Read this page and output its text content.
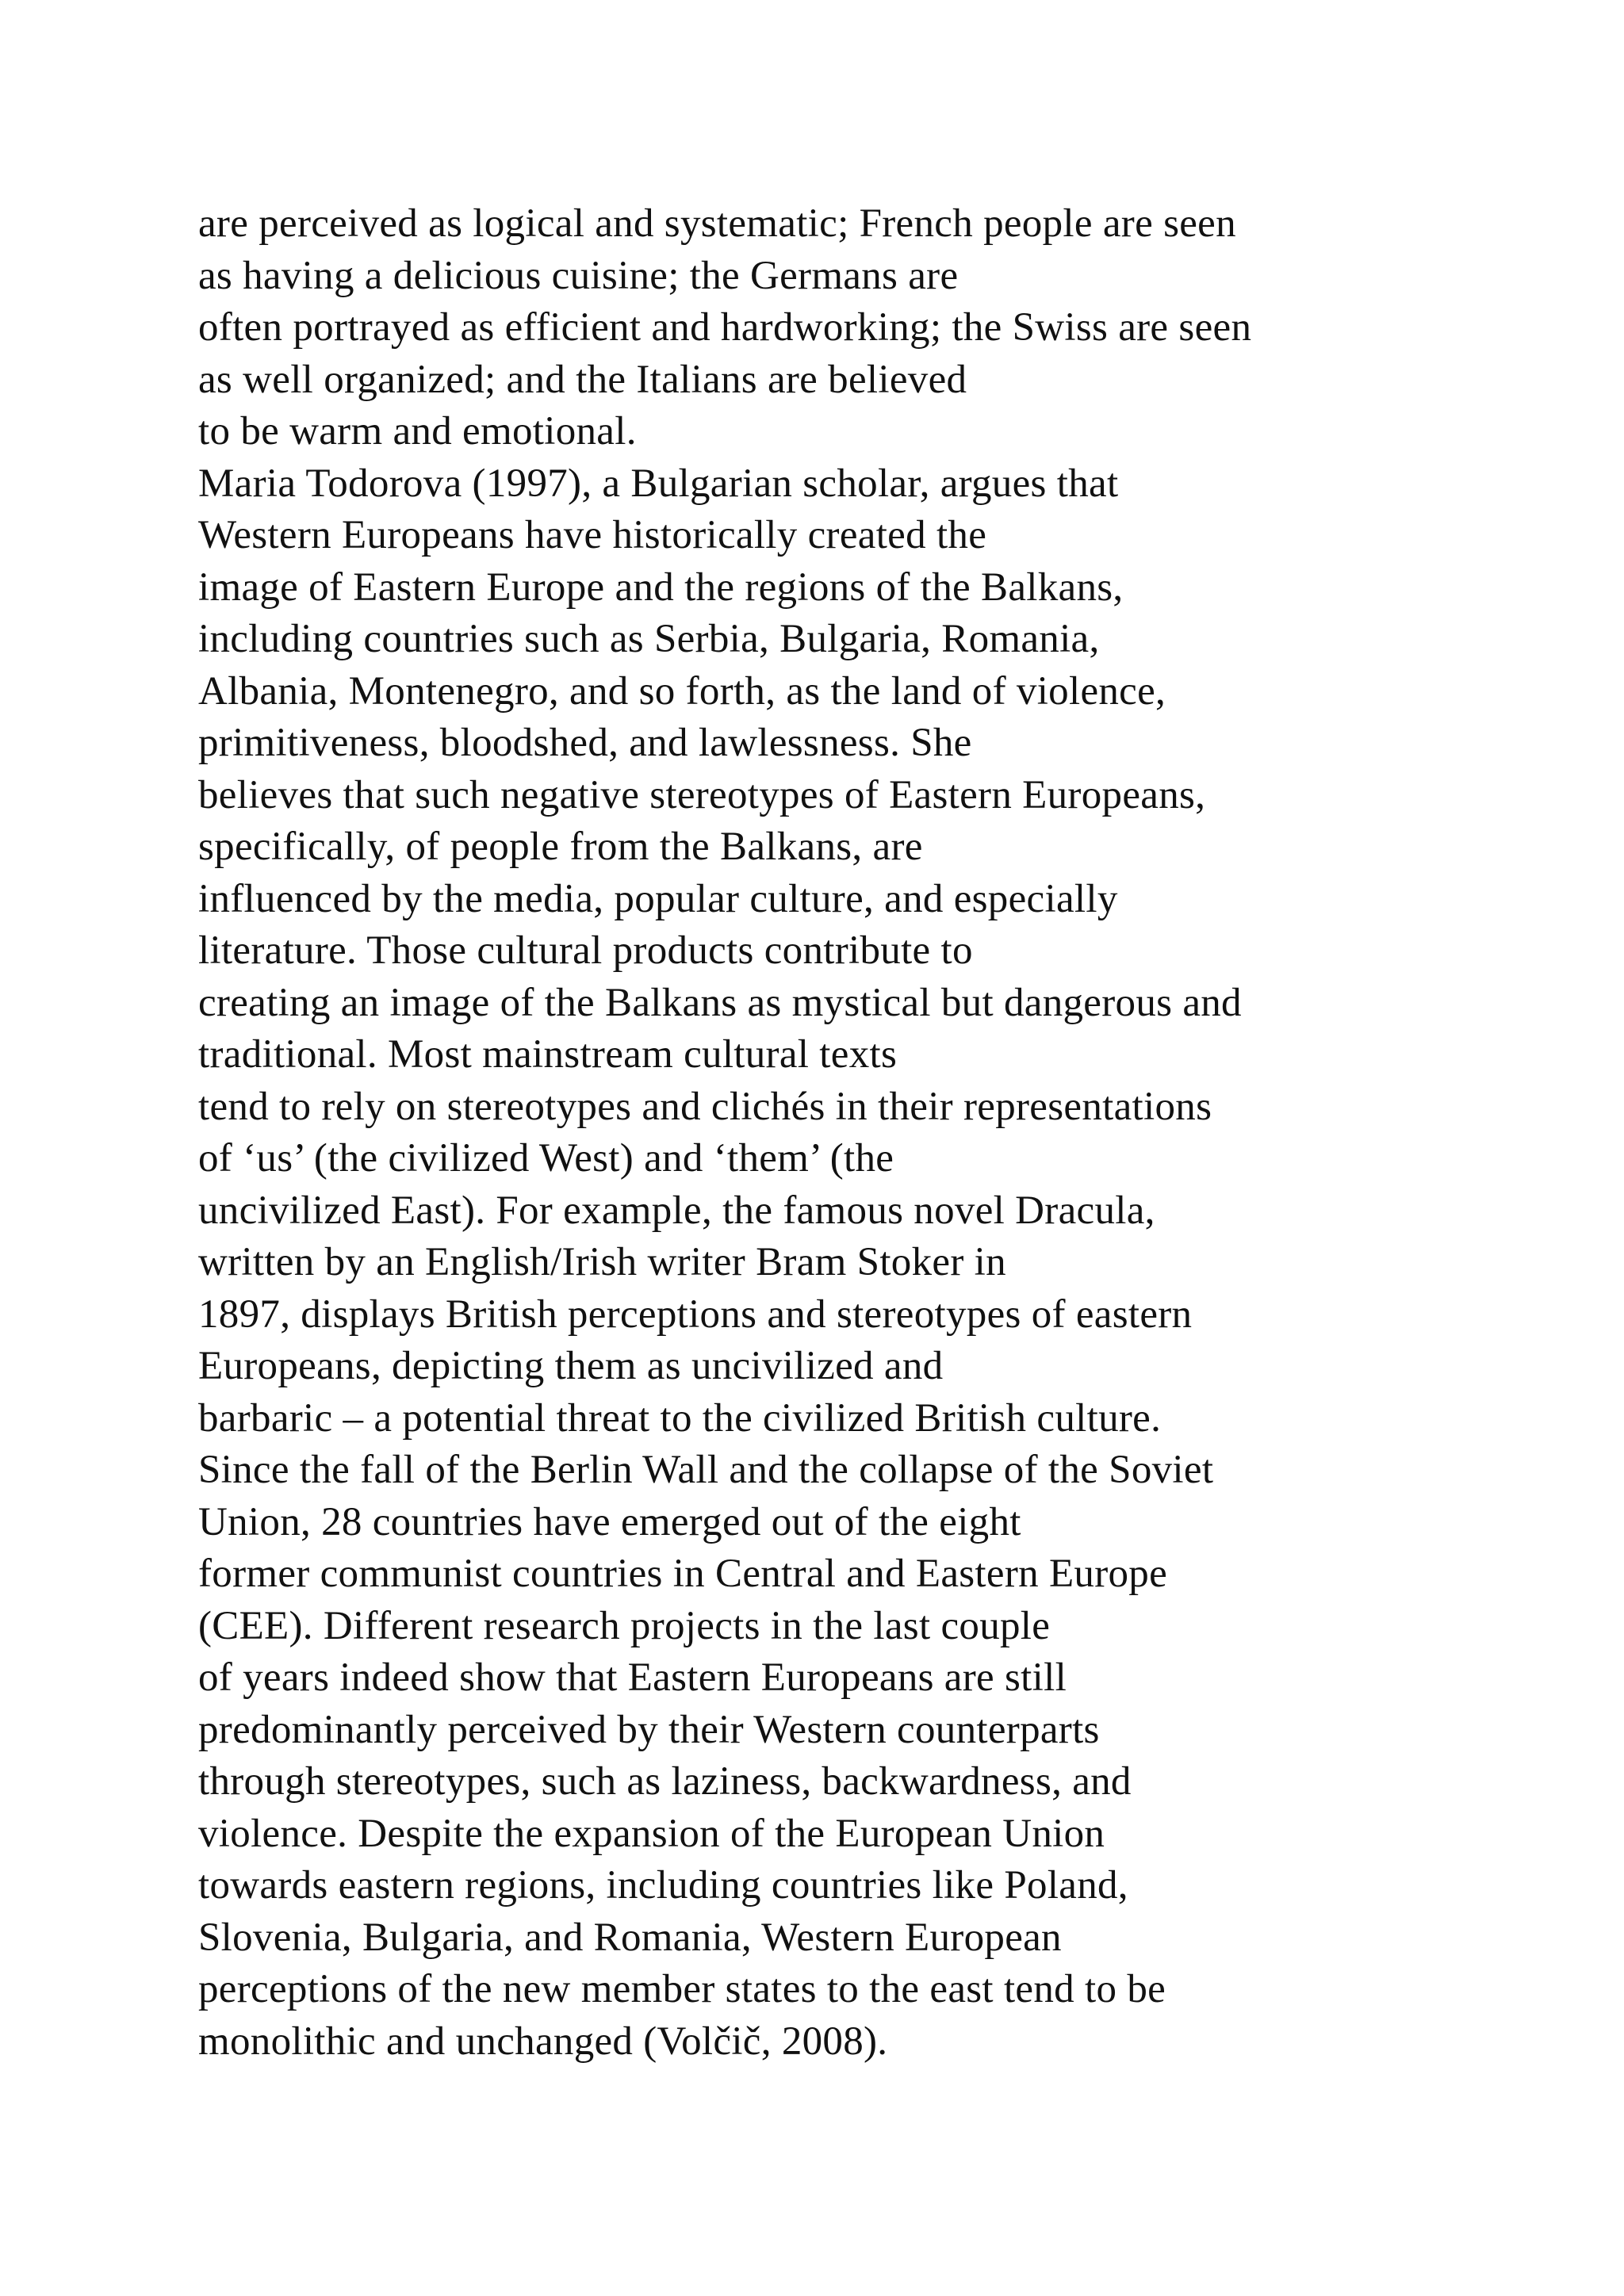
are perceived as logical and systematic; French people are seen
as having a delicious cuisine; the Germans are
often portrayed as efficient and hardworking; the Swiss are seen
as well organized; and the Italians are believed
to be warm and emotional.
Maria Todorova (1997), a Bulgarian scholar, argues that
Western Europeans have historically created the
image of Eastern Europe and the regions of the Balkans,
including countries such as Serbia, Bulgaria, Romania,
Albania, Montenegro, and so forth, as the land of violence,
primitiveness, bloodshed, and lawlessness. She
believes that such negative stereotypes of Eastern Europeans,
specifically, of people from the Balkans, are
influenced by the media, popular culture, and especially
literature. Those cultural products contribute to
creating an image of the Balkans as mystical but dangerous and
traditional. Most mainstream cultural texts
tend to rely on stereotypes and clichés in their representations
of ‘us’ (the civilized West) and ‘them’ (the
uncivilized East). For example, the famous novel Dracula,
written by an English/Irish writer Bram Stoker in
1897, displays British perceptions and stereotypes of eastern
Europeans, depicting them as uncivilized and
barbaric – a potential threat to the civilized British culture.
Since the fall of the Berlin Wall and the collapse of the Soviet
Union, 28 countries have emerged out of the eight
former communist countries in Central and Eastern Europe
(CEE). Different research projects in the last couple
of years indeed show that Eastern Europeans are still
predominantly perceived by their Western counterparts
through stereotypes, such as laziness, backwardness, and
violence. Despite the expansion of the European Union
towards eastern regions, including countries like Poland,
Slovenia, Bulgaria, and Romania, Western European
perceptions of the new member states to the east tend to be
monolithic and unchanged (Volčič, 2008).
